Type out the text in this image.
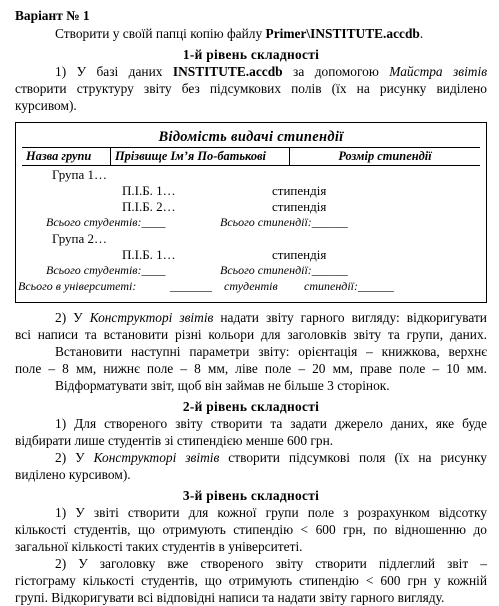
Варіант № 1
Створити у своїй папці копію файлу Primer\INSTITUTE.accdb.
1-й рівень складності
1) У базі даних INSTITUTE.accdb за допомогою Майстра звітів
створити структуру звіту без підсумкових полів (їх на рисунку виділено
курсивом).
Відомість видачі стипендії
Назва групи	Прізвище Ім’я По-батькові	Розмір стипендії
Група 1…
П.І.Б. 1…	стипендія
П.І.Б. 2…	стипендія
Всього студентів:____	Всього стипендії:______
Група 2…
П.І.Б. 1…	стипендія
Всього студентів:____	Всього стипендії:______
Всього в університеті:	_______ студентів стипендії:______
2) У Конструкторі звітів надати звіту гарного вигляду: відкоригувати
всі написи та встановити різні кольори для заголовків звіту та групи, даних.
Встановити наступні параметри звіту: орієнтація – книжкова, верхнє
поле – 8 мм, нижнє поле – 8 мм, ліве поле – 20 мм, праве поле – 10 мм.
Відформатувати звіт, щоб він займав не більше 3 сторінок.
2-й рівень складності
1) Для створеного звіту створити та задати джерело даних, яке буде
відбирати лише студентів зі стипендією менше 600 грн.
2) У Конструкторі звітів створити підсумкові поля (їх на рисунку
виділено курсивом).
3-й рівень складності
1) У звіті створити для кожної групи поле з розрахунком відсотку
кількості студентів, що отримують стипендію < 600 грн, по відношенню до
загальної кількості таких студентів в університеті.
2) У заголовку вже створеного звіту створити підлеглий звіт –
гістограму кількості студентів, що отримують стипендію < 600 грн у кожній
групі. Відкоригувати всі відповідні написи та надати звіту гарного вигляду.
